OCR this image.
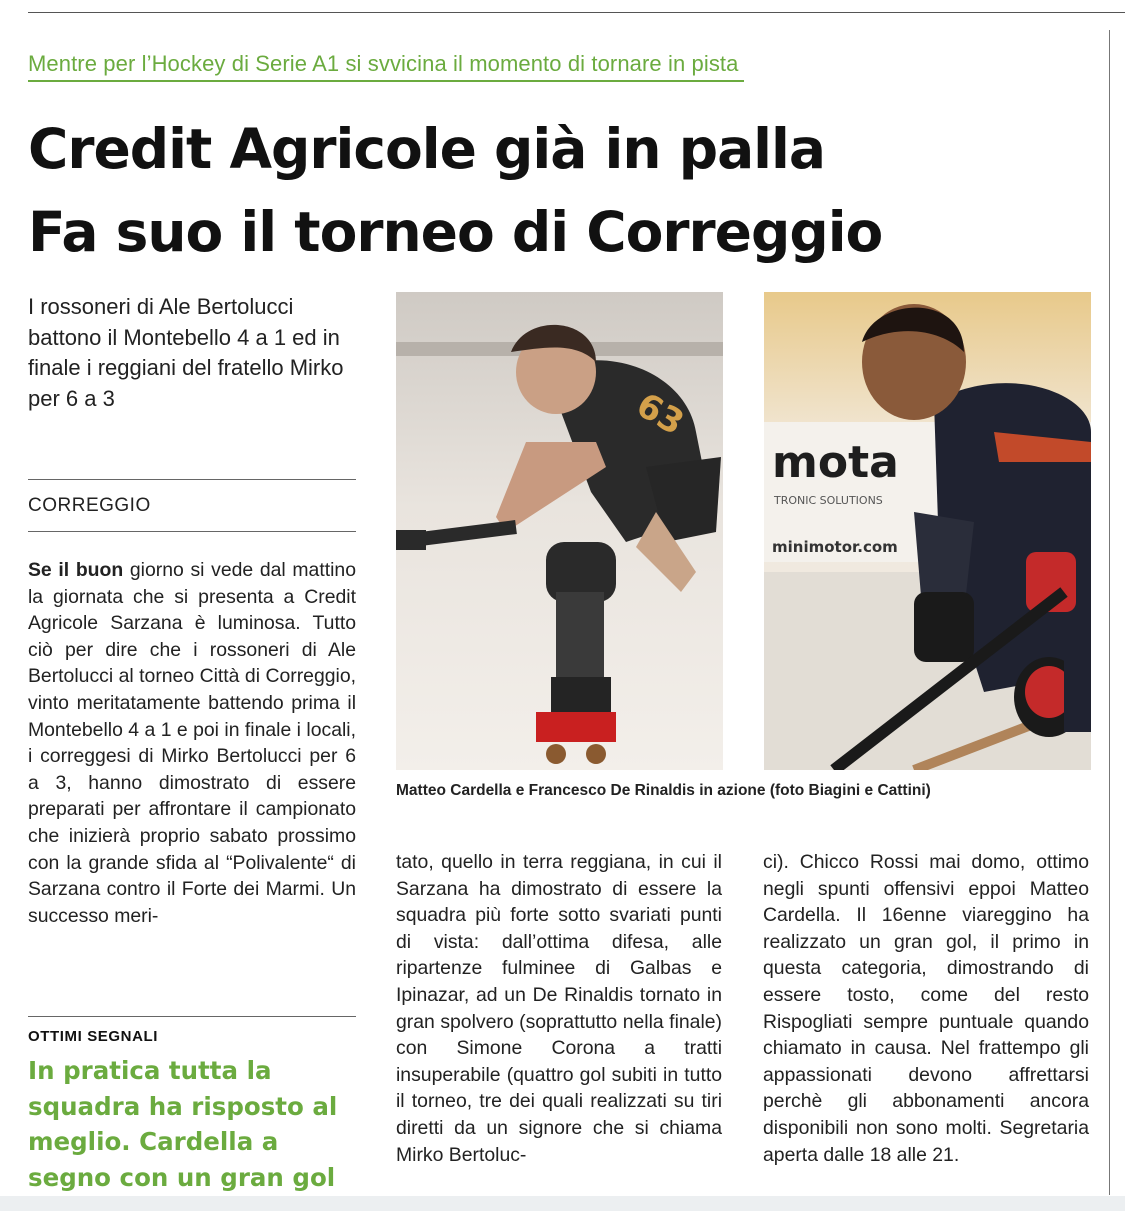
Mentre per l’Hockey di Serie A1 si svvicina il momento di tornare in pista
Credit Agricole già in palla
Fa suo il torneo di Correggio
I rossoneri di Ale Bertolucci battono il Montebello 4 a 1 ed in finale i reggiani del fratello Mirko per 6 a 3
CORREGGIO

Se il buon giorno si vede dal mattino la giornata che si presenta a Credit Agricole Sarzana è luminosa. Tutto ciò per dire che i rossoneri di Ale Bertolucci al torneo Città di Correggio, vinto meritatamente battendo prima il Montebello 4 a 1 e poi in finale i locali, i correggesi di Mirko Bertolucci per 6 a 3, hanno dimostrato di essere preparati per affrontare il campionato che inizierà proprio sabato prossimo con la grande sfida al “Polivalente“ di Sarzana contro il Forte dei Marmi. Un successo meri-

OTTIMI SEGNALI
In pratica tutta la squadra ha risposto al meglio. Cardella a segno con un gran gol
63
mota
TRONIC SOLUTIONS
minimotor.com
Matteo Cardella e Francesco De Rinaldis in azione (foto Biagini e Cattini)

tato, quello in terra reggiana, in cui il Sarzana ha dimostrato di essere la squadra più forte sotto svariati punti di vista: dall’ottima difesa, alle ripartenze fulminee di Galbas e Ipinazar, ad un De Rinaldis tornato in gran spolvero (soprattutto nella finale) con Simone Corona a tratti insuperabile (quattro gol subiti in tutto il torneo, tre dei quali realizzati su tiri diretti da un signore che si chiama Mirko Bertoluc-

ci). Chicco Rossi mai domo, ottimo negli spunti offensivi eppoi Matteo Cardella. Il 16enne viareggino ha realizzato un gran gol, il primo in questa categoria, dimostrando di essere tosto, come del resto Rispogliati sempre puntuale quando chiamato in causa. Nel frattempo gli appassionati devono affrettarsi perchè gli abbonamenti ancora disponibili non sono molti. Segretaria aperta dalle 18 alle 21.
